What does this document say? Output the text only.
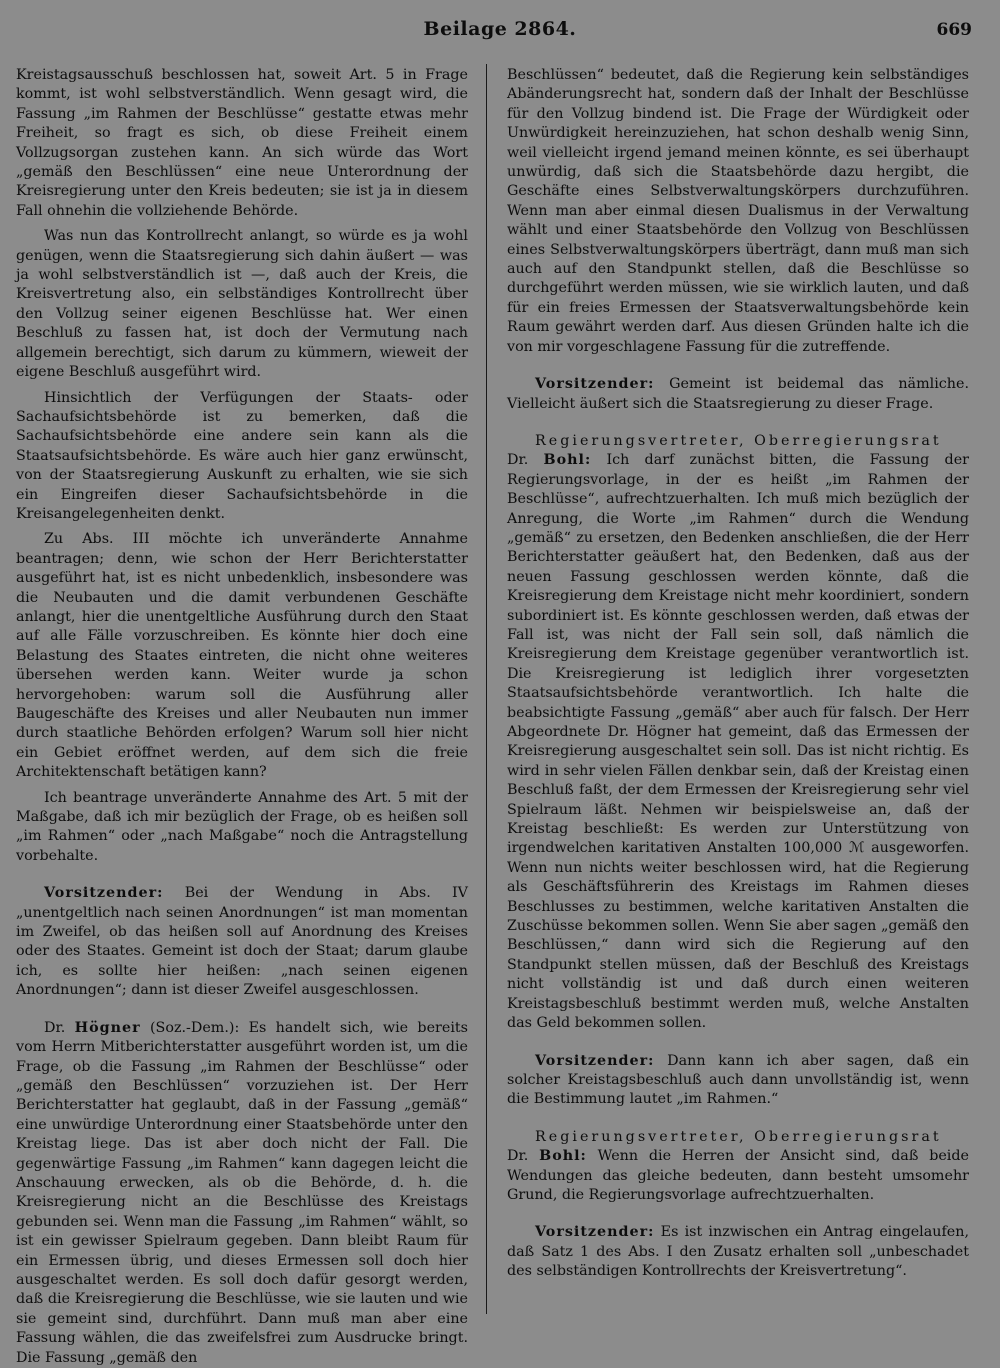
Beilage 2864.	669

Kreistagsausschuß beschlossen hat, soweit Art. 5 in Frage kommt, ist wohl selbstverständlich. Wenn gesagt wird, die Fassung „im Rahmen der Beschlüsse“ gestatte etwas mehr Freiheit, so fragt es sich, ob diese Freiheit einem Vollzugsorgan zustehen kann. An sich würde das Wort „gemäß den Beschlüssen“ eine neue Unterordnung der Kreisregierung unter den Kreis bedeuten; sie ist ja in diesem Fall ohnehin die vollziehende Behörde.

Was nun das Kontrollrecht anlangt, so würde es ja wohl genügen, wenn die Staatsregierung sich dahin äußert — was ja wohl selbstverständlich ist —, daß auch der Kreis, die Kreisvertretung also, ein selbständiges Kontrollrecht über den Vollzug seiner eigenen Beschlüsse hat. Wer einen Beschluß zu fassen hat, ist doch der Vermutung nach allgemein berechtigt, sich darum zu kümmern, wieweit der eigene Beschluß ausgeführt wird.

Hinsichtlich der Verfügungen der Staats- oder Sachaufsichtsbehörde ist zu bemerken, daß die Sachaufsichtsbehörde eine andere sein kann als die Staatsaufsichtsbehörde. Es wäre auch hier ganz erwünscht, von der Staatsregierung Auskunft zu erhalten, wie sie sich ein Eingreifen dieser Sachaufsichtsbehörde in die Kreisangelegenheiten denkt.

Zu Abs. III möchte ich unveränderte Annahme beantragen; denn, wie schon der Herr Berichterstatter ausgeführt hat, ist es nicht unbedenklich, insbesondere was die Neubauten und die damit verbundenen Geschäfte anlangt, hier die unentgeltliche Ausführung durch den Staat auf alle Fälle vorzuschreiben. Es könnte hier doch eine Belastung des Staates eintreten, die nicht ohne weiteres übersehen werden kann. Weiter wurde ja schon hervorgehoben: warum soll die Ausführung aller Baugeschäfte des Kreises und aller Neubauten nun immer durch staatliche Behörden erfolgen? Warum soll hier nicht ein Gebiet eröffnet werden, auf dem sich die freie Architektenschaft betätigen kann?

Ich beantrage unveränderte Annahme des Art. 5 mit der Maßgabe, daß ich mir bezüglich der Frage, ob es heißen soll „im Rahmen“ oder „nach Maßgabe“ noch die Antragstellung vorbehalte.

Vorsitzender: Bei der Wendung in Abs. IV „unentgeltlich nach seinen Anordnungen“ ist man momentan im Zweifel, ob das heißen soll auf Anordnung des Kreises oder des Staates. Gemeint ist doch der Staat; darum glaube ich, es sollte hier heißen: „nach seinen eigenen Anordnungen“; dann ist dieser Zweifel ausgeschlossen.

Dr. Högner (Soz.-Dem.): Es handelt sich, wie bereits vom Herrn Mitberichterstatter ausgeführt worden ist, um die Frage, ob die Fassung „im Rahmen der Beschlüsse“ oder „gemäß den Beschlüssen“ vorzuziehen ist. Der Herr Berichterstatter hat geglaubt, daß in der Fassung „gemäß“ eine unwürdige Unterordnung einer Staatsbehörde unter den Kreistag liege. Das ist aber doch nicht der Fall. Die gegenwärtige Fassung „im Rahmen“ kann dagegen leicht die Anschauung erwecken, als ob die Behörde, d. h. die Kreisregierung nicht an die Beschlüsse des Kreistags gebunden sei. Wenn man die Fassung „im Rahmen“ wählt, so ist ein gewisser Spielraum gegeben. Dann bleibt Raum für ein Ermessen übrig, und dieses Ermessen soll doch hier ausgeschaltet werden. Es soll doch dafür gesorgt werden, daß die Kreisregierung die Beschlüsse, wie sie lauten und wie sie gemeint sind, durchführt. Dann muß man aber eine Fassung wählen, die das zweifelsfrei zum Ausdrucke bringt. Die Fassung „gemäß den

Beschlüssen“ bedeutet, daß die Regierung kein selbständiges Abänderungsrecht hat, sondern daß der Inhalt der Beschlüsse für den Vollzug bindend ist. Die Frage der Würdigkeit oder Unwürdigkeit hereinzuziehen, hat schon deshalb wenig Sinn, weil vielleicht irgend jemand meinen könnte, es sei überhaupt unwürdig, daß sich die Staatsbehörde dazu hergibt, die Geschäfte eines Selbstverwaltungskörpers durchzuführen. Wenn man aber einmal diesen Dualismus in der Verwaltung wählt und einer Staatsbehörde den Vollzug von Beschlüssen eines Selbstverwaltungskörpers überträgt, dann muß man sich auch auf den Standpunkt stellen, daß die Beschlüsse so durchgeführt werden müssen, wie sie wirklich lauten, und daß für ein freies Ermessen der Staatsverwaltungsbehörde kein Raum gewährt werden darf. Aus diesen Gründen halte ich die von mir vorgeschlagene Fassung für die zutreffende.

Vorsitzender: Gemeint ist beidemal das nämliche. Vielleicht äußert sich die Staatsregierung zu dieser Frage.

Regierungsvertreter, Oberregierungsrat
Dr. Bohl: Ich darf zunächst bitten, die Fassung der Regierungsvorlage, in der es heißt „im Rahmen der Beschlüsse“, aufrechtzuerhalten. Ich muß mich bezüglich der Anregung, die Worte „im Rahmen“ durch die Wendung „gemäß“ zu ersetzen, den Bedenken anschließen, die der Herr Berichterstatter geäußert hat, den Bedenken, daß aus der neuen Fassung geschlossen werden könnte, daß die Kreisregierung dem Kreistage nicht mehr koordiniert, sondern subordiniert ist. Es könnte geschlossen werden, daß etwas der Fall ist, was nicht der Fall sein soll, daß nämlich die Kreisregierung dem Kreistage gegenüber verantwortlich ist. Die Kreisregierung ist lediglich ihrer vorgesetzten Staatsaufsichtsbehörde verantwortlich. Ich halte die beabsichtigte Fassung „gemäß“ aber auch für falsch. Der Herr Abgeordnete Dr. Högner hat gemeint, daß das Ermessen der Kreisregierung ausgeschaltet sein soll. Das ist nicht richtig. Es wird in sehr vielen Fällen denkbar sein, daß der Kreistag einen Beschluß faßt, der dem Ermessen der Kreisregierung sehr viel Spielraum läßt. Nehmen wir beispielsweise an, daß der Kreistag beschließt: Es werden zur Unterstützung von irgendwelchen karitativen Anstalten 100,000 ℳ ausgeworfen. Wenn nun nichts weiter beschlossen wird, hat die Regierung als Geschäftsführerin des Kreistags im Rahmen dieses Beschlusses zu bestimmen, welche karitativen Anstalten die Zuschüsse bekommen sollen. Wenn Sie aber sagen „gemäß den Beschlüssen,“ dann wird sich die Regierung auf den Standpunkt stellen müssen, daß der Beschluß des Kreistags nicht vollständig ist und daß durch einen weiteren Kreistagsbeschluß bestimmt werden muß, welche Anstalten das Geld bekommen sollen.

Vorsitzender: Dann kann ich aber sagen, daß ein solcher Kreistagsbeschluß auch dann unvollständig ist, wenn die Bestimmung lautet „im Rahmen.“

Regierungsvertreter, Oberregierungsrat
Dr. Bohl: Wenn die Herren der Ansicht sind, daß beide Wendungen das gleiche bedeuten, dann besteht umsomehr Grund, die Regierungsvorlage aufrechtzuerhalten.

Vorsitzender: Es ist inzwischen ein Antrag eingelaufen, daß Satz 1 des Abs. I den Zusatz erhalten soll „unbeschadet des selbständigen Kontrollrechts der Kreisvertretung“.
